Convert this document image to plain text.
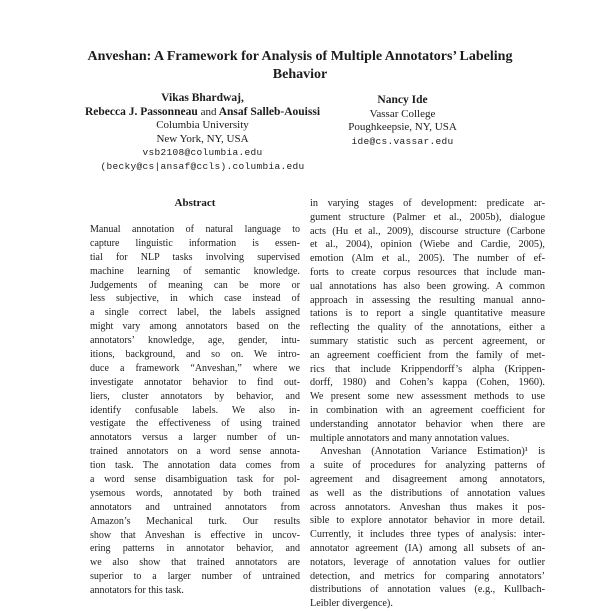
Anveshan: A Framework for Analysis of Multiple Annotators’ Labeling
Behavior
Vikas Bhardwaj,
Rebecca J. Passonneau and Ansaf Salleb-Aouissi
Columbia University
New York, NY, USA
vsb2108@columbia.edu
(becky@cs|ansaf@ccls).columbia.edu
Nancy Ide
Vassar College
Poughkeepsie, NY, USA
ide@cs.vassar.edu
Abstract
Manual annotation of natural language to
capture linguistic information is essen-
tial for NLP tasks involving supervised
machine learning of semantic knowledge.
Judgements of meaning can be more or
less subjective, in which case instead of
a single correct label, the labels assigned
might vary among annotators based on the
annotators’ knowledge, age, gender, intu-
itions, background, and so on. We intro-
duce a framework “Anveshan,” where we
investigate annotator behavior to find out-
liers, cluster annotators by behavior, and
identify confusable labels. We also in-
vestigate the effectiveness of using trained
annotators versus a larger number of un-
trained annotators on a word sense annota-
tion task. The annotation data comes from
a word sense disambiguation task for pol-
ysemous words, annotated by both trained
annotators and untrained annotators from
Amazon’s Mechanical turk. Our results
show that Anveshan is effective in uncov-
ering patterns in annotator behavior, and
we also show that trained annotators are
superior to a larger number of untrained
annotators for this task.
in varying stages of development: predicate ar-
gument structure (Palmer et al., 2005b), dialogue
acts (Hu et al., 2009), discourse structure (Carbone
et al., 2004), opinion (Wiebe and Cardie, 2005),
emotion (Alm et al., 2005). The number of ef-
forts to create corpus resources that include man-
ual annotations has also been growing. A common
approach in assessing the resulting manual anno-
tations is to report a single quantitative measure
reflecting the quality of the annotations, either a
summary statistic such as percent agreement, or
an agreement coefficient from the family of met-
rics that include Krippendorff’s alpha (Krippen-
dorff, 1980) and Cohen’s kappa (Cohen, 1960).
We present some new assessment methods to use
in combination with an agreement coefficient for
understanding annotator behavior when there are
multiple annotators and many annotation values.
Anveshan (Annotation Variance Estimation)¹ is
a suite of procedures for analyzing patterns of
agreement and disagreement among annotators,
as well as the distributions of annotation values
across annotators. Anveshan thus makes it pos-
sible to explore annotator behavior in more detail.
Currently, it includes three types of analysis: inter-
annotator agreement (IA) among all subsets of an-
notators, leverage of annotation values for outlier
detection, and metrics for comparing annotators’
distributions of annotation values (e.g., Kullbach-
Leibler divergence).
